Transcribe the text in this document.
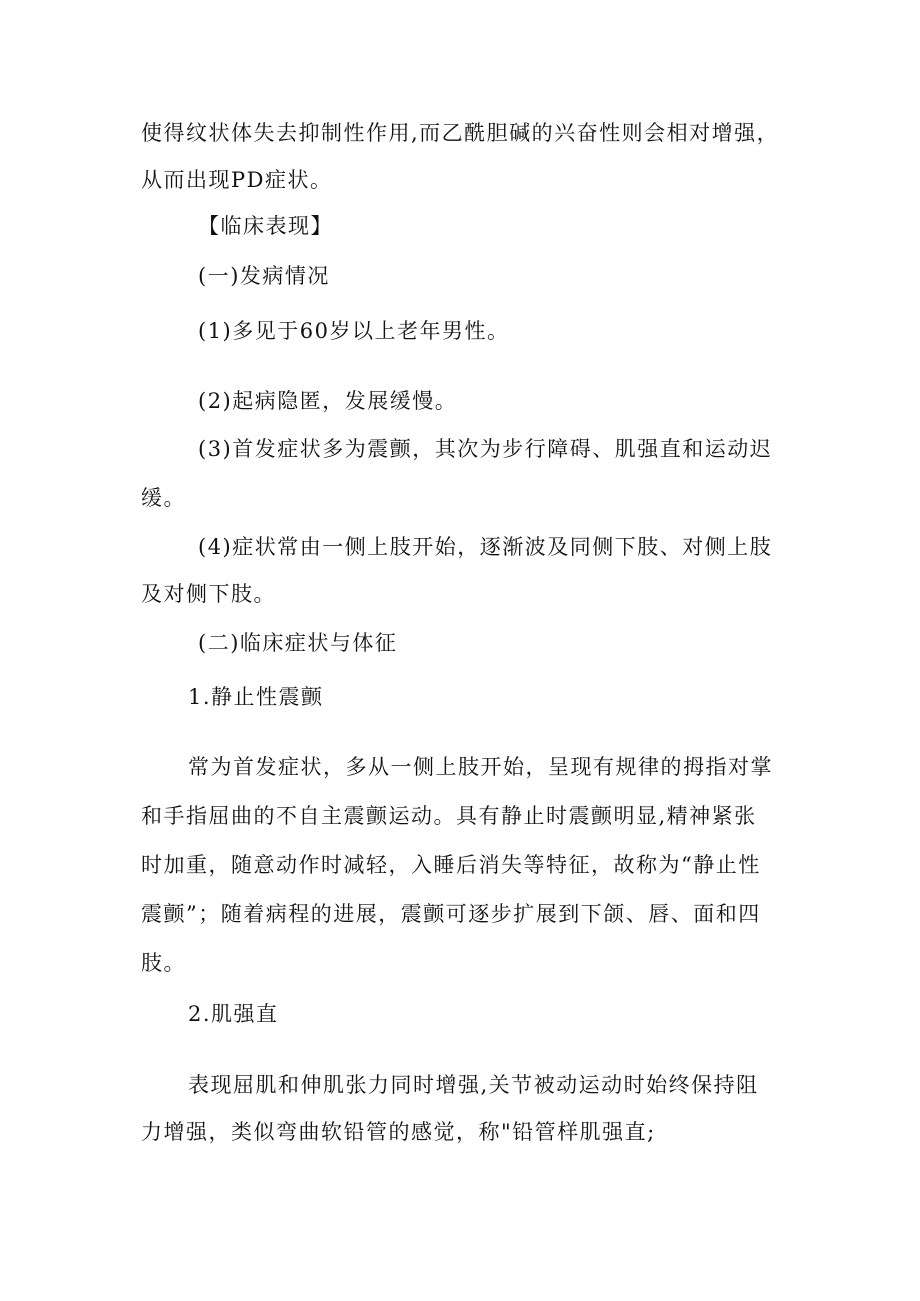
使得纹状体失去抑制性作用,而乙酰胆碱的兴奋性则会相对增强，
从而出现PD症状。
【临床表现】
(一)发病情况
(1)多见于60岁以上老年男性。
(2)起病隐匿，发展缓慢。
(3)首发症状多为震颤，其次为步行障碍、肌强直和运动迟
缓。
(4)症状常由一侧上肢开始，逐渐波及同侧下肢、对侧上肢
及对侧下肢。
(二)临床症状与体征
1.静止性震颤
常为首发症状，多从一侧上肢开始，呈现有规律的拇指对掌
和手指屈曲的不自主震颤运动。具有静止时震颤明显,精神紧张
时加重，随意动作时减轻，入睡后消失等特征，故称为“静止性
震颤”；随着病程的进展，震颤可逐步扩展到下颌、唇、面和四
肢。
2.肌强直
表现屈肌和伸肌张力同时增强,关节被动运动时始终保持阻
力增强，类似弯曲软铅管的感觉，称"铅管样肌强直;
